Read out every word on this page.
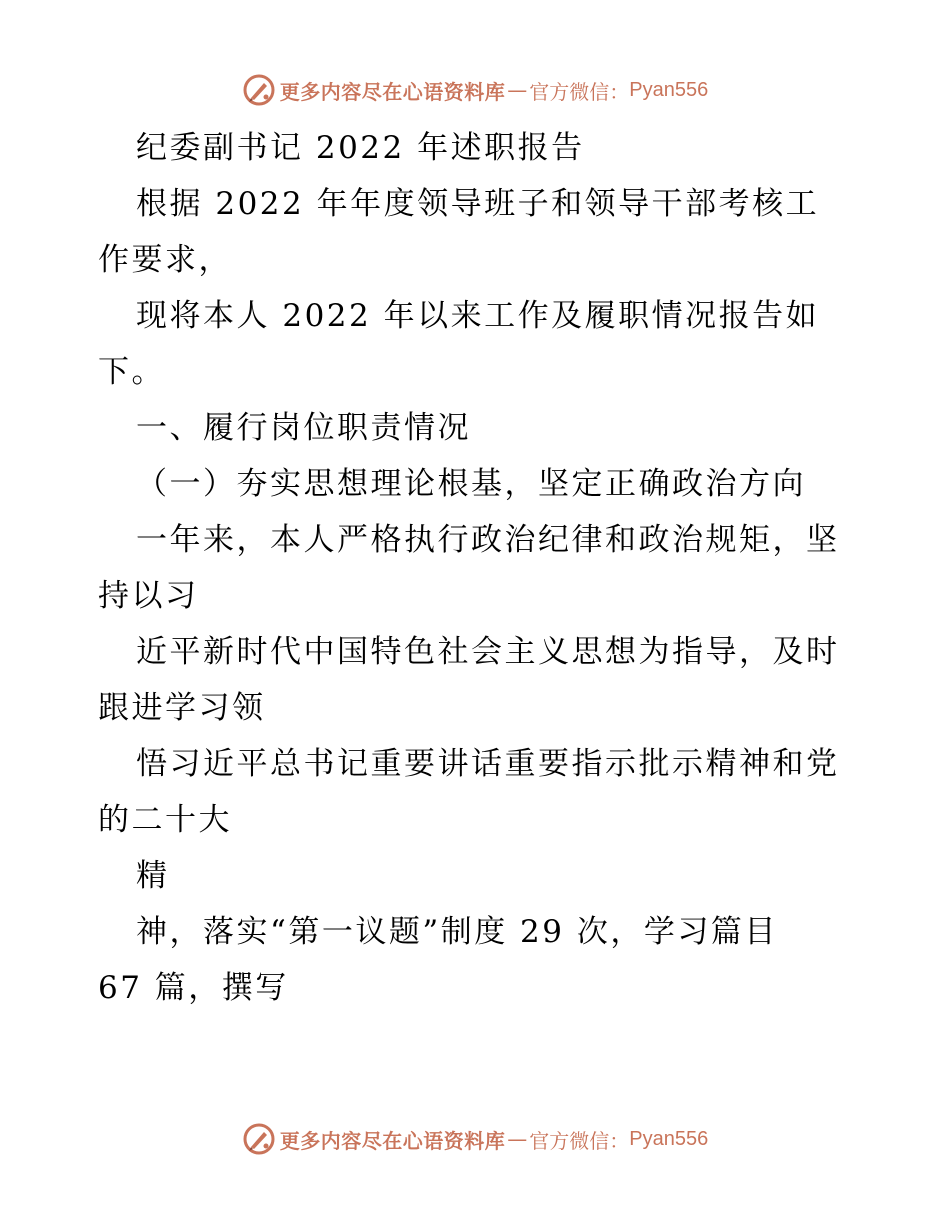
更多内容尽在心语资料库 — 官方微信： Pyan556
纪委副书记 2022 年述职报告
根据 2022 年年度领导班子和领导干部考核工
作要求，
现将本人 2022 年以来工作及履职情况报告如
下。
一、履行岗位职责情况
（一）夯实思想理论根基，坚定正确政治方向
一年来，本人严格执行政治纪律和政治规矩，坚
持以习
近平新时代中国特色社会主义思想为指导，及时
跟进学习领
悟习近平总书记重要讲话重要指示批示精神和党
的二十大
精
神，落实“第一议题”制度 29 次，学习篇目
67 篇，撰写
更多内容尽在心语资料库 — 官方微信： Pyan556
